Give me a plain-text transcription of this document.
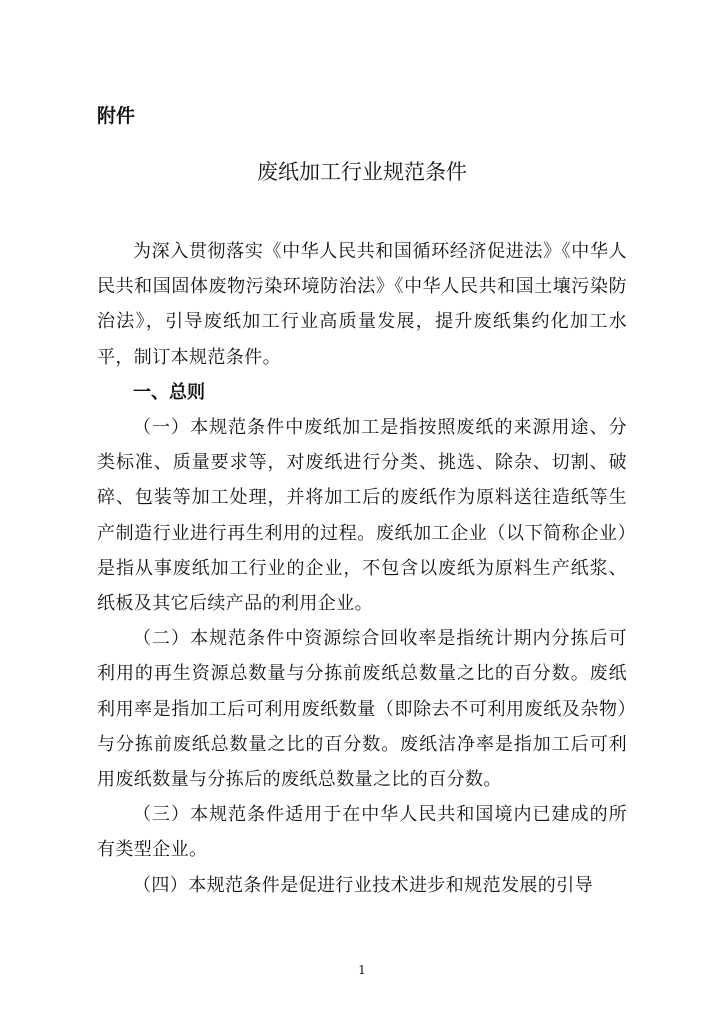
附件

废纸加工行业规范条件

为深入贯彻落实《中华人民共和国循环经济促进法》《中华人民共和国固体废物污染环境防治法》《中华人民共和国土壤污染防治法》，引导废纸加工行业高质量发展，提升废纸集约化加工水平，制订本规范条件。

一、总则

（一）本规范条件中废纸加工是指按照废纸的来源用途、分类标准、质量要求等，对废纸进行分类、挑选、除杂、切割、破碎、包装等加工处理，并将加工后的废纸作为原料送往造纸等生产制造行业进行再生利用的过程。废纸加工企业（以下简称企业）是指从事废纸加工行业的企业，不包含以废纸为原料生产纸浆、纸板及其它后续产品的利用企业。

（二）本规范条件中资源综合回收率是指统计期内分拣后可利用的再生资源总数量与分拣前废纸总数量之比的百分数。废纸利用率是指加工后可利用废纸数量（即除去不可利用废纸及杂物）与分拣前废纸总数量之比的百分数。废纸洁净率是指加工后可利用废纸数量与分拣后的废纸总数量之比的百分数。

（三）本规范条件适用于在中华人民共和国境内已建成的所有类型企业。

（四）本规范条件是促进行业技术进步和规范发展的引导

1
